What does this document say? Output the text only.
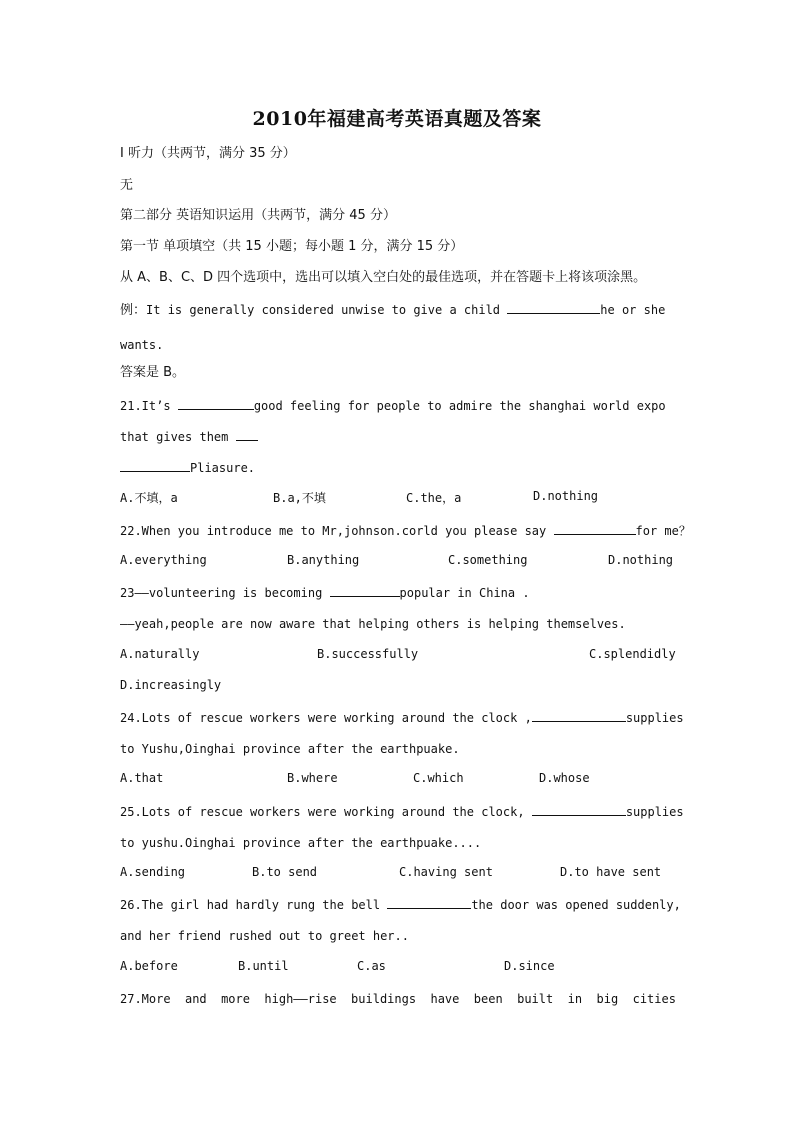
2010年福建高考英语真题及答案
I 听力（共两节，满分 35 分）
无
第二部分 英语知识运用（共两节，满分 45 分）
第一节 单项填空（共 15 小题；每小题 1 分，满分 15 分）
从 A、B、C、D 四个选项中，选出可以填入空白处的最佳选项，并在答题卡上将该项涂黑。
例：It is generally considered unwise to give a child	he or she
wants.
答案是 B。
21.It’s	good feeling for people to admire the shanghai world expo
that gives them
Pliasure.
A.不填，a	B.a,不填	C.the，a	D.nothing
22.When you introduce me to Mr,johnson.corld you please say	for me？
A.everything	B.anything	C.something	D.nothing
23——volunteering is becoming	popular in China .
——yeah,people are now aware that helping others is helping themselves.
A.naturally	B.successfully	C.splendidly
D.increasingly
24.Lots of rescue workers were working around the clock ,	supplies
to Yushu,Oinghai province after the earthpuake.
A.that	B.where	C.which	D.whose
25.Lots of rescue workers were working around the clock,	supplies
to yushu.Oinghai province after the earthpuake....
A.sending	B.to send	C.having sent	D.to have sent
26.The girl had hardly rung the bell	the door was opened suddenly,
and her friend rushed out to greet her..
A.before	B.until	C.as	D.since
27.More and more high——rise buildings have been built in big cities
